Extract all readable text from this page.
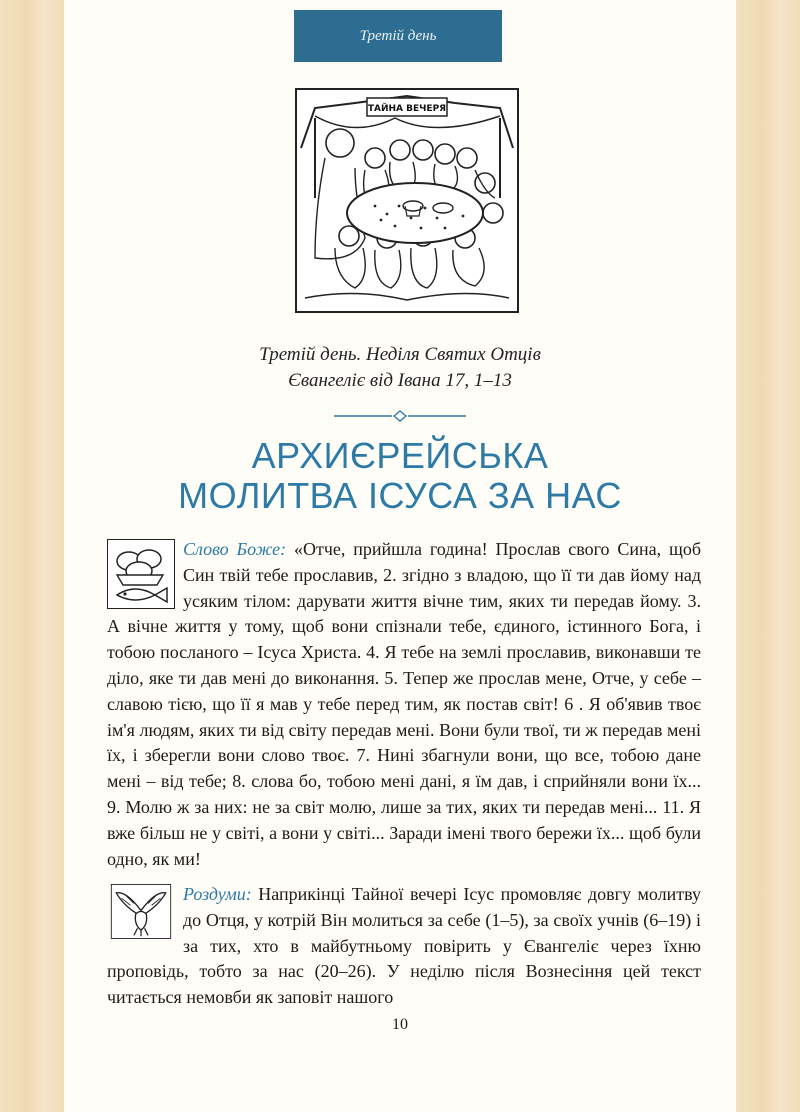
Третій день
ТАЙНА ВЕЧЕРЯ
Третій день. Неділя Святих Отців
Євангеліє від Івана 17, 1–13
АРХИЄРЕЙСЬКА
МОЛИТВА ІСУСА ЗА НАС
Слово Боже: «Отче, прийшла година! Прослав свого Сина, щоб Син твій тебе прославив, 2. згідно з владою, що її ти дав йому над усяким тілом: дарувати життя вічне тим, яких ти передав йому. 3. А вічне життя у тому, щоб вони спізнали тебе, єдиного, істинного Бога, і тобою посланого – Ісуса Христа. 4. Я тебе на землі прославив, виконавши те діло, яке ти дав мені до виконання. 5. Тепер же прослав мене, Отче, у себе – славою тією, що її я мав у тебе перед тим, як постав світ! 6 . Я об'явив твоє ім'я людям, яких ти від світу передав мені. Вони були твої, ти ж передав мені їх, і зберегли вони слово твоє. 7. Нині збагнули вони, що все, тобою дане мені – від тебе; 8. слова бо, тобою мені дані, я їм дав, і сприйняли вони їх... 9. Молю ж за них: не за світ молю, лише за тих, яких ти передав мені... 11. Я вже більш не у світі, а вони у світі... Заради імені твого бережи їх... щоб були одно, як ми!
Роздуми: Наприкінці Тайної вечері Ісус промовляє довгу молитву до Отця, у котрій Він молиться за себе (1–5), за своїх учнів (6–19) і за тих, хто в майбутньому повірить у Євангеліє через їхню проповідь, тобто за нас (20–26). У неділю після Вознесіння цей текст читається немовби як заповіт нашого
10
